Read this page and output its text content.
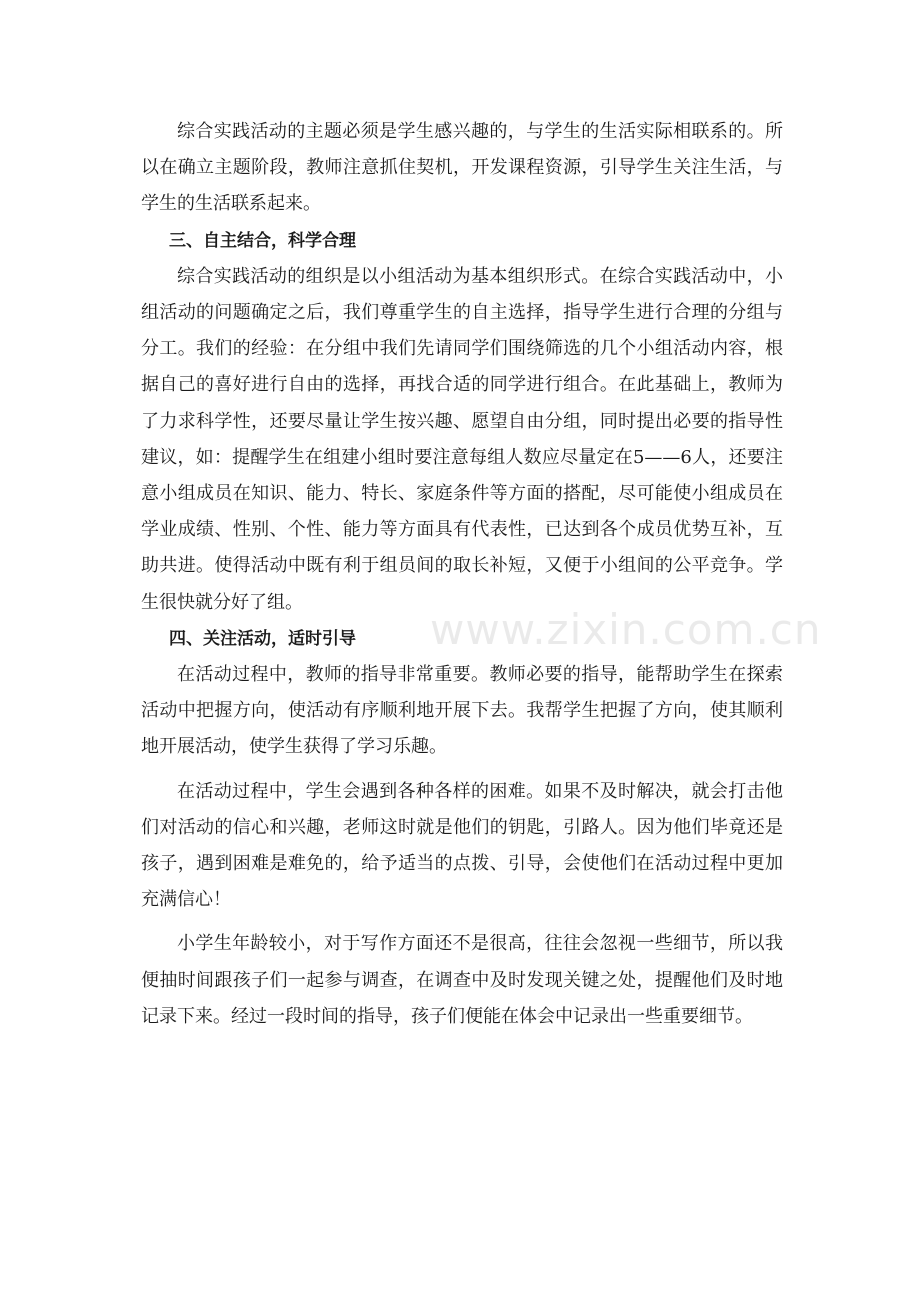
综合实践活动的主题必须是学生感兴趣的，与学生的生活实际相联系的。所以在确立主题阶段，教师注意抓住契机，开发课程资源，引导学生关注生活，与学生的生活联系起来。

三、自主结合，科学合理

综合实践活动的组织是以小组活动为基本组织形式。在综合实践活动中，小组活动的问题确定之后，我们尊重学生的自主选择，指导学生进行合理的分组与分工。我们的经验：在分组中我们先请同学们围绕筛选的几个小组活动内容，根据自己的喜好进行自由的选择，再找合适的同学进行组合。在此基础上，教师为了力求科学性，还要尽量让学生按兴趣、愿望自由分组，同时提出必要的指导性建议，如：提醒学生在组建小组时要注意每组人数应尽量定在5——6人，还要注意小组成员在知识、能力、特长、家庭条件等方面的搭配，尽可能使小组成员在学业成绩、性别、个性、能力等方面具有代表性，已达到各个成员优势互补，互助共进。使得活动中既有利于组员间的取长补短，又便于小组间的公平竞争。学生很快就分好了组。

四、关注活动，适时引导

在活动过程中，教师的指导非常重要。教师必要的指导，能帮助学生在探索活动中把握方向，使活动有序顺利地开展下去。我帮学生把握了方向，使其顺利地开展活动，使学生获得了学习乐趣。

在活动过程中，学生会遇到各种各样的困难。如果不及时解决，就会打击他们对活动的信心和兴趣，老师这时就是他们的钥匙，引路人。因为他们毕竟还是孩子，遇到困难是难免的，给予适当的点拨、引导，会使他们在活动过程中更加充满信心！

小学生年龄较小，对于写作方面还不是很高，往往会忽视一些细节，所以我便抽时间跟孩子们一起参与调查，在调查中及时发现关键之处，提醒他们及时地记录下来。经过一段时间的指导，孩子们便能在体会中记录出一些重要细节。

www.zixin.com.cn
